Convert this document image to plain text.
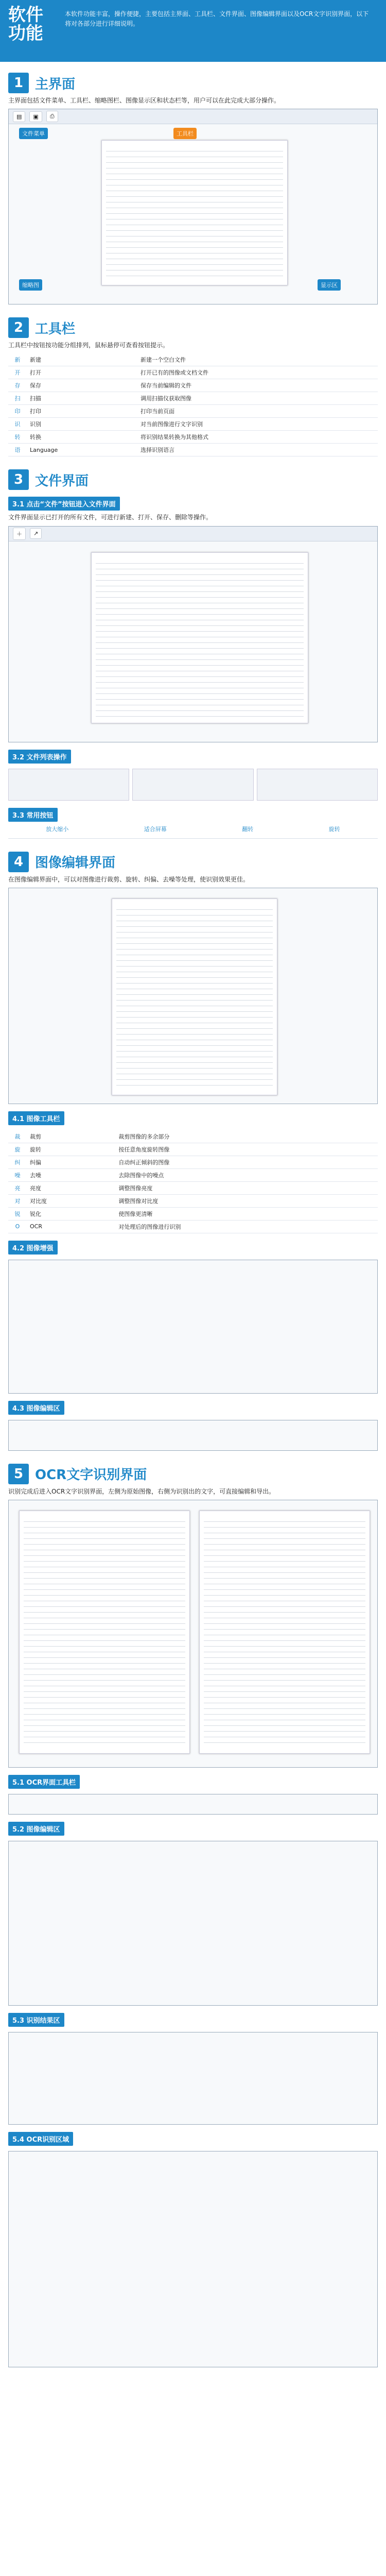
软件
功能
本软件功能丰富，操作便捷，主要包括主界面、工具栏、文件界面、图像编辑界面以及OCR文字识别界面，以下将对各部分进行详细说明。
1 主界面
主界面包括文件菜单、工具栏、缩略图栏、图像显示区和状态栏等，用户可以在此完成大部分操作。
▤	▣	⎙
工具栏
文件菜单
缩略图	显示区
2 工具栏
工具栏中按钮按功能分组排列，鼠标悬停可查看按钮提示。
新	新建	新建一个空白文件
开	打开	打开已有的图像或文档文件
存	保存	保存当前编辑的文件
扫	扫描	调用扫描仪获取图像
印	打印	打印当前页面
识	识别	对当前图像进行文字识别
转	转换	将识别结果转换为其他格式
语	Language	选择识别语言
3 文件界面
3.1 点击“文件”按钮进入文件界面
文件界面显示已打开的所有文件，可进行新建、打开、保存、删除等操作。
＋	↗
3.2 文件列表操作
3.3 常用按钮
放大缩小	适合屏幕	翻转	旋转
4 图像编辑界面
在图像编辑界面中，可以对图像进行裁剪、旋转、纠偏、去噪等处理，使识别效果更佳。
4.1 图像工具栏
裁	裁剪	裁剪图像的多余部分
旋	旋转	按任意角度旋转图像
纠	纠偏	自动纠正倾斜的图像
噪	去噪	去除图像中的噪点
亮	亮度	调整图像亮度
对	对比度	调整图像对比度
锐	锐化	使图像更清晰
O	OCR	对处理后的图像进行识别
4.2 图像增强
4.3 图像编辑区
5 OCR文字识别界面
识别完成后进入OCR文字识别界面，左侧为原始图像，右侧为识别出的文字，可直接编辑和导出。
5.1 OCR界面工具栏
5.2 图像编辑区
5.3 识别结果区
5.4 OCR识别区域
